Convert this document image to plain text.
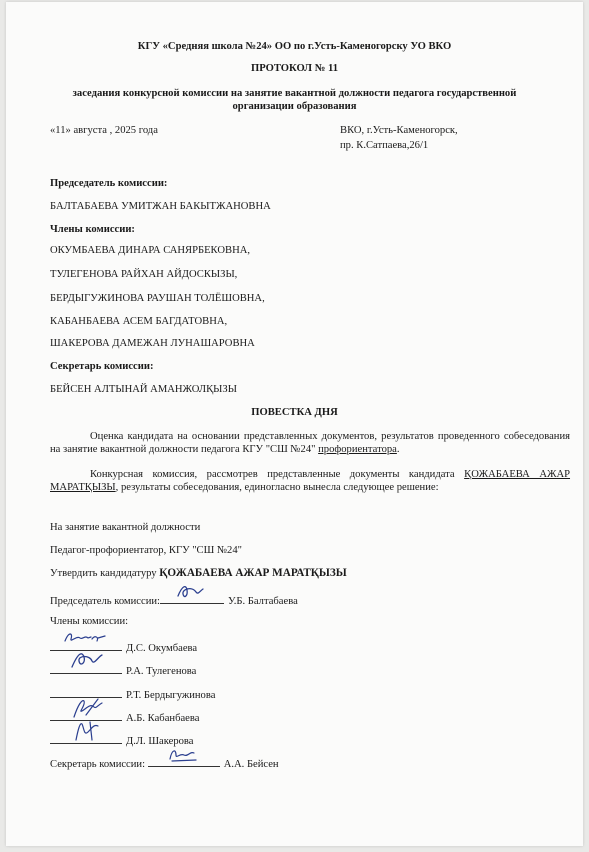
КГУ «Средняя школа №24» ОО по г.Усть-Каменогорску УО ВКО
ПРОТОКОЛ № 11
заседания конкурсной комиссии на занятие вакантной должности педагога государственной
организации образования
«11» августа , 2025 года	ВКО, г.Усть-Каменогорск,
пр. К.Сатпаева,26/1
Председатель комиссии:
БАЛТАБАЕВА УМИТЖАН БАКЫТЖАНОВНА
Члены комиссии:
ОКУМБАЕВА ДИНАРА САНЯРБЕКОВНА,
ТУЛЕГЕНОВА РАЙХАН АЙДОСКЫЗЫ,
БЕРДЫГУЖИНОВА РАУШАН ТОЛЁШОВНА,
КАБАНБАЕВА АСЕМ БАГДАТОВНА,
ШАКЕРОВА ДАМЕЖАН ЛУНАШАРОВНА
Секретарь комиссии:
БЕЙСЕН АЛТЫНАЙ АМАНЖОЛҚЫЗЫ
ПОВЕСТКА ДНЯ
Оценка кандидата на основании представленных документов, результатов проведенного собеседования на занятие вакантной должности педагога КГУ "СШ №24" профориентатора.
Конкурсная комиссия, рассмотрев представленные документы кандидата ҚОЖАБАЕВА АЖАР МАРАТҚЫЗЫ, результаты собеседования, единогласно вынесла следующее решение:
На занятие вакантной должности
Педагог-профориентатор, КГУ "СШ №24"
Утвердить кандидатуру ҚОЖАБАЕВА АЖАР МАРАТҚЫЗЫ
Председатель комиссии:	У.Б. Балтабаева
Члены комиссии:
Д.С. Окумбаева
Р.А. Тулегенова
Р.Т. Бердыгужинова
А.Б. Кабанбаева
Д.Л. Шакерова
Секретарь комиссии:	А.А. Бейсен
